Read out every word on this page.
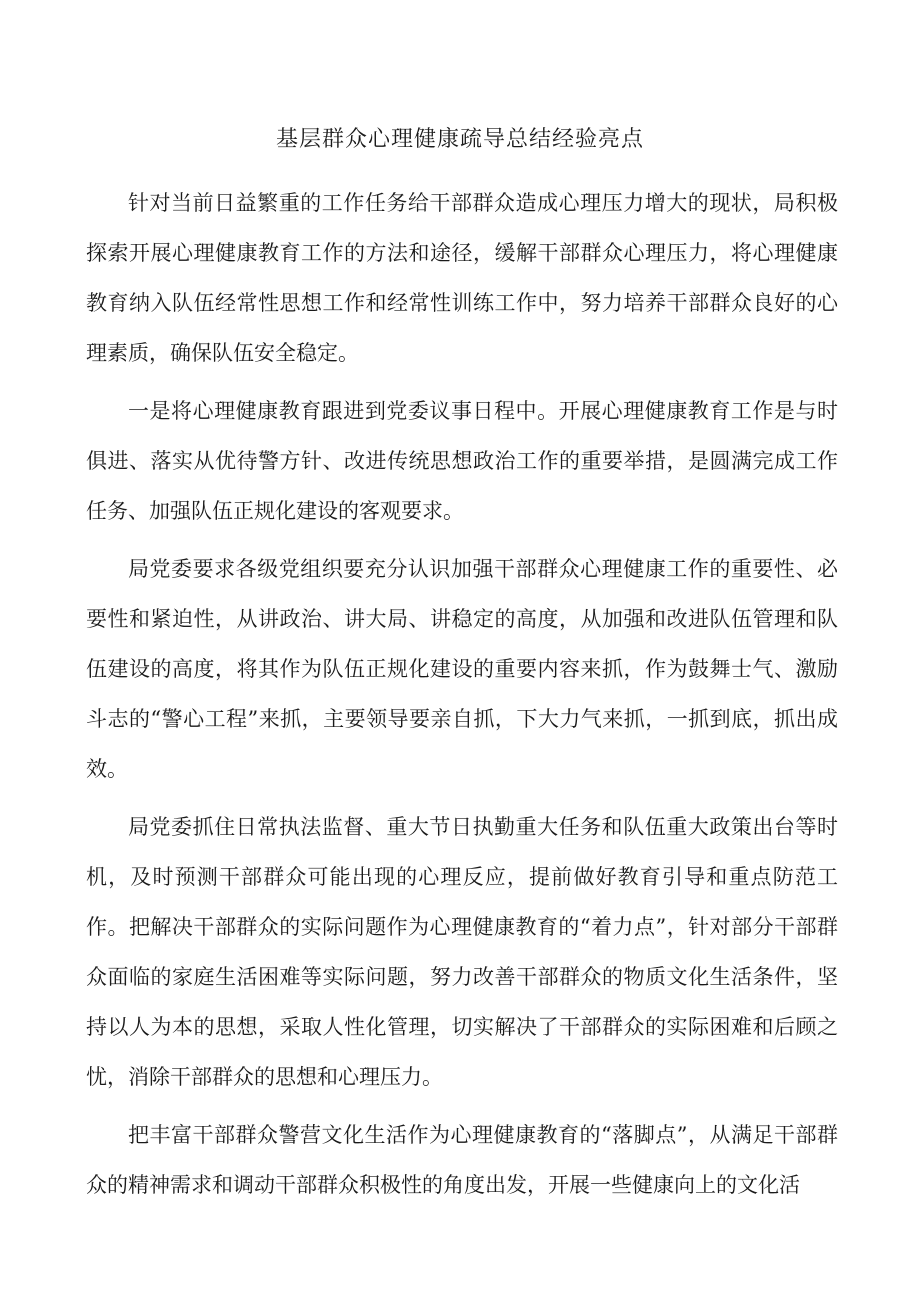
基层群众心理健康疏导总结经验亮点

针对当前日益繁重的工作任务给干部群众造成心理压力增大的现状，局积极探索开展心理健康教育工作的方法和途径，缓解干部群众心理压力，将心理健康教育纳入队伍经常性思想工作和经常性训练工作中，努力培养干部群众良好的心理素质，确保队伍安全稳定。

一是将心理健康教育跟进到党委议事日程中。开展心理健康教育工作是与时俱进、落实从优待警方针、改进传统思想政治工作的重要举措，是圆满完成工作任务、加强队伍正规化建设的客观要求。

局党委要求各级党组织要充分认识加强干部群众心理健康工作的重要性、必要性和紧迫性，从讲政治、讲大局、讲稳定的高度，从加强和改进队伍管理和队伍建设的高度，将其作为队伍正规化建设的重要内容来抓，作为鼓舞士气、激励斗志的“警心工程”来抓，主要领导要亲自抓，下大力气来抓，一抓到底，抓出成效。

局党委抓住日常执法监督、重大节日执勤重大任务和队伍重大政策出台等时机，及时预测干部群众可能出现的心理反应，提前做好教育引导和重点防范工作。把解决干部群众的实际问题作为心理健康教育的“着力点”，针对部分干部群众面临的家庭生活困难等实际问题，努力改善干部群众的物质文化生活条件，坚持以人为本的思想，采取人性化管理，切实解决了干部群众的实际困难和后顾之忧，消除干部群众的思想和心理压力。

把丰富干部群众警营文化生活作为心理健康教育的“落脚点”，从满足干部群众的精神需求和调动干部群众积极性的角度出发，开展一些健康向上的文化活
